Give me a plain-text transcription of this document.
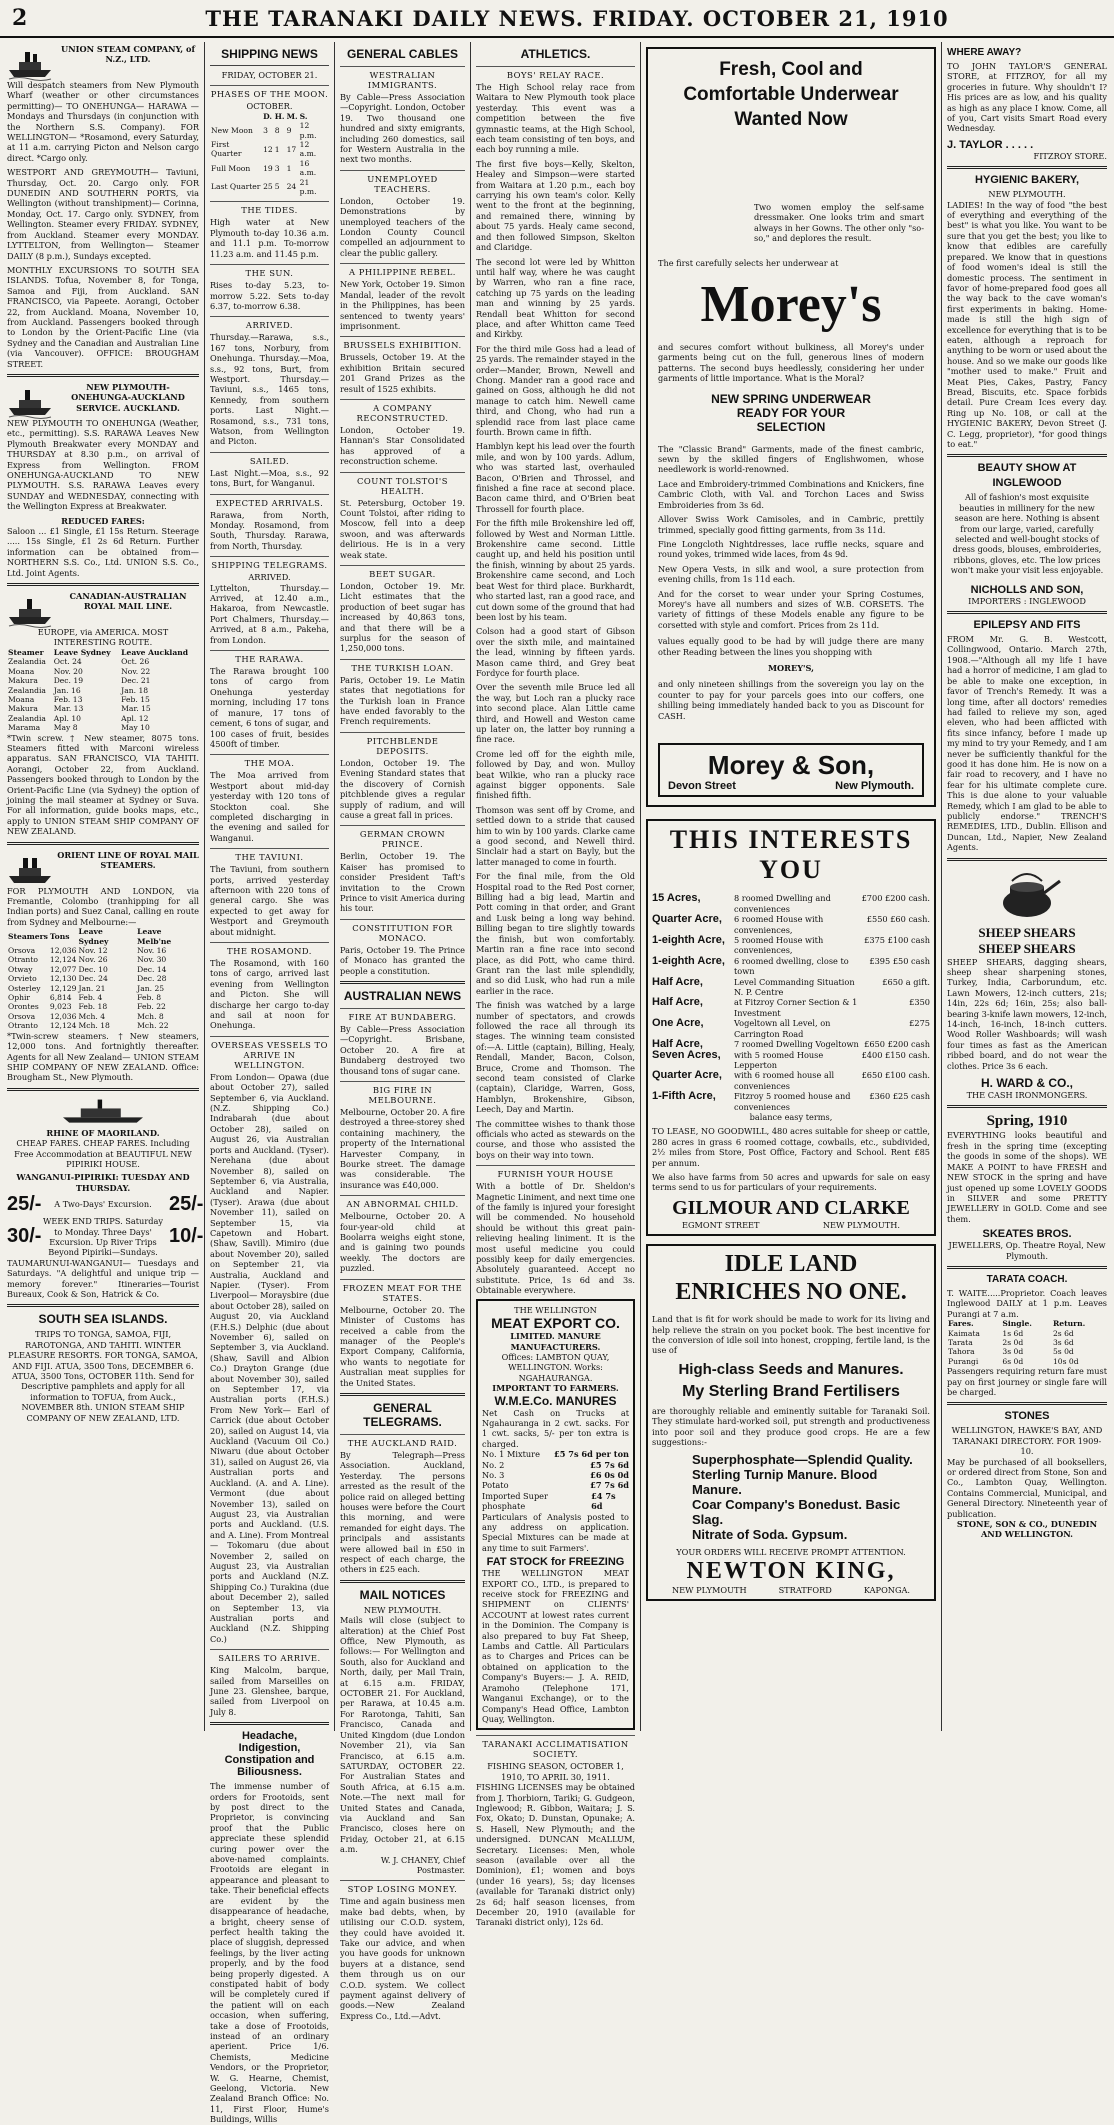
2	THE TARANAKI DAILY NEWS. FRIDAY. OCTOBER 21, 1910
UNION STEAM COMPANY, of N.Z., LTD.
Will despatch steamers from New Plymouth Wharf (weather or other circumstances permitting)— TO ONEHUNGA— HARAWA — Mondays and Thursdays (in conjunction with the Northern S.S. Company). FOR WELLINGTON— *Rosamond, every Saturday, at 11 a.m. carrying Picton and Nelson cargo direct. *Cargo only.
WESTPORT AND GREYMOUTH— Taviuni, Thursday, Oct. 20. Cargo only. FOR DUNEDIN AND SOUTHERN PORTS, via Wellington (without transhipment)— Corinna, Monday, Oct. 17. Cargo only. SYDNEY, from Wellington. Steamer every FRIDAY. SYDNEY, from Auckland. Steamer every MONDAY. LYTTELTON, from Wellington— Steamer DAILY (8 p.m.), Sundays excepted.
MONTHLY EXCURSIONS TO SOUTH SEA ISLANDS. Tofua, November 8, for Tonga, Samoa and Fiji, from Auckland. SAN FRANCISCO, via Papeete. Aorangi, October 22, from Auckland. Moana, November 10, from Auckland. Passengers booked through to London by the Orient-Pacific Line (via Sydney and the Canadian and Australian Line (via Vancouver). OFFICE: BROUGHAM STREET.
NEW PLYMOUTH-ONEHUNGA-AUCKLAND SERVICE. AUCKLAND.
NEW PLYMOUTH TO ONEHUNGA (Weather, etc., permitting). S.S. RARAWA Leaves New Plymouth Breakwater every MONDAY and THURSDAY at 8.30 p.m., on arrival of Express from Wellington. FROM ONEHUNGA-AUCKLAND TO NEW PLYMOUTH. S.S. RARAWA Leaves every SUNDAY and WEDNESDAY, connecting with the Wellington Express at Breakwater.
REDUCED FARES:
Saloon ... £1 Single, £1 15s Return. Steerage ..... 15s Single, £1 2s 6d Return. Further information can be obtained from— NORTHERN S.S. Co., Ltd. UNION S.S. Co., Ltd. Joint Agents.
CANADIAN-AUSTRALIAN ROYAL MAIL LINE.
EUROPE, via AMERICA. MOST INTERESTING ROUTE.
Steamer	Leave Sydney	Leave Auckland
Zealandia	Oct. 24	Oct. 26
Moana	Nov. 20	Nov. 22
Makura	Dec. 19	Dec. 21
Zealandia	Jan. 16	Jan. 18
Moana	Feb. 13	Feb. 15
Makura	Mar. 13	Mar. 15
Zealandia	Apl. 10	Apl. 12
Marama	May 8	May 10
*Twin screw. † New steamer, 8075 tons. Steamers fitted with Marconi wireless apparatus. SAN FRANCISCO, VIA TAHITI. Aorangi, October 22, from Auckland. Passengers booked through to London by the Orient-Pacific Line (via Sydney) the option of joining the mail steamer at Sydney or Suva. For all information, guide books maps, etc., apply to UNION STEAM SHIP COMPANY OF NEW ZEALAND.
ORIENT LINE OF ROYAL MAIL STEAMERS.
FOR PLYMOUTH AND LONDON, via Fremantle, Colombo (tranhipping for all Indian ports) and Suez Canal, calling en route from Sydney and Melbourne:—
Steamers	Tons	Leave Sydney	Leave Melb'ne
Orsova	12,036	Nov. 12	Nov. 16
Otranto	12,124	Nov. 26	Nov. 30
Otway	12,077	Dec. 10	Dec. 14
Orvieto	12,130	Dec. 24	Dec. 28
Osterley	12,129	Jan. 21	Jan. 25
Ophir	6,814	Feb. 4	Feb. 8
Orontes	9,023	Feb. 18	Feb. 22
Orsova	12,036	Mch. 4	Mch. 8
Otranto	12,124	Mch. 18	Mch. 22
*Twin-screw steamers. †New steamers, 12,000 tons. And fortnightly thereafter. Agents for all New Zealand— UNION STEAM SHIP COMPANY OF NEW ZEALAND. Office: Brougham St., New Plymouth.
RHINE OF MAORILAND.
CHEAP FARES. CHEAP FARES. Including Free Accommodation at BEAUTIFUL NEW PIPIRIKI HOUSE.
WANGANUI-PIPIRIKI: TUESDAY AND THURSDAY.
25/-	A Two-Days' Excursion. 25/-
30/-
WEEK END TRIPS. Saturday to Monday. Three Days' Excursion. Up River Trips Beyond Pipiriki—Sundays.
10/-
TAUMARUNUI-WANGANUI— Tuesdays and Saturdays. "A delightful and unique trip — memory forever." Itineraries—Tourist Bureaux, Cook & Son, Hatrick & Co.
SOUTH SEA ISLANDS.
TRIPS TO TONGA, SAMOA, FIJI, RAROTONGA, AND TAHITI. WINTER PLEASURE RESORTS. FOR TONGA, SAMOA, AND FIJI. ATUA, 3500 Tons, DECEMBER 6. ATUA, 3500 Tons, OCTOBER 11th. Send for Descriptive pamphlets and apply for all information to TOFUA, from Auck., NOVEMBER 8th. UNION STEAM SHIP COMPANY OF NEW ZEALAND, LTD.
SHIPPING NEWS
FRIDAY, OCTOBER 21.
PHASES OF THE MOON.
OCTOBER.
	D.	H.	M.	S.
New Moon	3	8	9	12 p.m.
First Quarter	12	1	17	12 a.m.
Full Moon	19	3	1	16 a.m.
Last Quarter	25	5	24	21 p.m.
THE TIDES.
High water at New Plymouth to-day 10.36 a.m. and 11.1 p.m. To-morrow 11.23 a.m. and 11.45 p.m.
THE SUN.
Rises to-day 5.23, to-morrow 5.22. Sets to-day 6.37, to-morrow 6.38.
ARRIVED.
Thursday.—Rarawa, s.s., 167 tons, Norbury, from Onehunga. Thursday.—Moa, s.s., 92 tons, Burt, from Westport. Thursday.—Taviuni, s.s., 1465 tons, Kennedy, from southern ports. Last Night.—Rosamond, s.s., 731 tons, Watson, from Wellington and Picton.
SAILED.
Last Night.—Moa, s.s., 92 tons, Burt, for Wanganui.
EXPECTED ARRIVALS.
Rarawa, from North, Monday. Rosamond, from South, Thursday. Rarawa, from North, Thursday.
SHIPPING TELEGRAMS.
ARRIVED.
Lyttelton, Thursday.—Arrived, at 12.40 a.m., Hakaroa, from Newcastle. Port Chalmers, Thursday.—Arrived, at 8 a.m., Pakeha, from London.
THE RARAWA.
The Rarawa brought 100 tons of cargo from Onehunga yesterday morning, including 17 tons of manure, 17 tons of cement, 6 tons of sugar, and 100 cases of fruit, besides 4500ft of timber.
THE MOA.
The Moa arrived from Westport about mid-day yesterday with 120 tons of Stockton coal. She completed discharging in the evening and sailed for Wanganui.
THE TAVIUNI.
The Taviuni, from southern ports, arrived yesterday afternoon with 220 tons of general cargo. She was expected to get away for Westport and Greymouth about midnight.
THE ROSAMOND.
The Rosamond, with 160 tons of cargo, arrived last evening from Wellington and Picton. She will discharge her cargo to-day and sail at noon for Onehunga.
OVERSEAS VESSELS TO ARRIVE IN WELLINGTON.
From London— Opawa (due about October 27), sailed September 6, via Auckland. (N.Z. Shipping Co.) Indrabarah (due about October 28), sailed on August 26, via Australian ports and Auckland. (Tyser). Nerehana (due about November 8), sailed on September 6, via Australia, Auckland and Napier. (Tyser). Arawa (due about November 11), sailed on September 15, via Capetown and Hobart. (Shaw, Savill). Mimiro (due about November 20), sailed on September 21, via Australia, Auckland and Napier. (Tyser). From Liverpool— Moraysbire (due about October 28), sailed on August 20, via Auckland (F.H.S.) Delphic (due about November 6), sailed on September 3, via Auckland. (Shaw, Savill and Albion Co.) Drayton Grange (due about November 30), sailed on September 17, via Australian ports (F.H.S.) From New York— Earl of Carrick (due about October 20), sailed on August 14, via Auckland (Vacuum Oil Co.) Niwaru (due about October 31), sailed on August 26, via Australian ports and Auckland. (A. and A. Line). Vermont (due about November 13), sailed on August 23, via Australian ports and Auckland. (U.S. and A. Line). From Montreal— Tokomaru (due about November 2, sailed on August 23, via Australian ports and Auckland (N.Z. Shipping Co.) Turakina (due about December 2), sailed on September 13, via Australian ports and Auckland (N.Z. Shipping Co.)
SAILERS TO ARRIVE.
King Malcolm, barque, sailed from Marseilles on June 23. Glenshee, barque, sailed from Liverpool on July 8.
Headache, Indigestion, Constipation and Biliousness.
The immense number of orders for Frootoids, sent by post direct to the Proprietor, is convincing proof that the Public appreciate these splendid curing power over the above-named complaints. Frootoids are elegant in appearance and pleasant to take. Their beneficial effects are evident by the disappearance of headache, a bright, cheery sense of perfect health taking the place of sluggish, depressed feelings, by the liver acting properly, and by the food being properly digested. A constipated habit of body will be completely cured if the patient will on each occasion, when suffering, take a dose of Frootoids, instead of an ordinary aperient. Price 1/6. Chemists, Medicine Vendors, or the Proprietor, W. G. Hearne, Chemist, Geelong, Victoria. New Zealand Branch Office: No. 11, First Floor, Hume's Buildings, Willis
GENERAL CABLES
WESTRALIAN IMMIGRANTS.
By Cable—Press Association—Copyright. London, October 19. Two thousand one hundred and sixty emigrants, including 260 domestics, sail for Western Australia in the next two months.
UNEMPLOYED TEACHERS.
London, October 19. Demonstrations by unemployed teachers of the London County Council compelled an adjournment to clear the public gallery.
A PHILIPPINE REBEL.
New York, October 19. Simon Mandal, leader of the revolt in the Philippines, has been sentenced to twenty years' imprisonment.
BRUSSELS EXHIBITION.
Brussels, October 19. At the exhibition Britain secured 201 Grand Prizes as the result of 1525 exhibits.
A COMPANY RECONSTRUCTED.
London, October 19. Hannan's Star Consolidated has approved of a reconstruction scheme.
COUNT TOLSTOI'S HEALTH.
St. Petersburg, October 19. Count Tolstoi, after riding to Moscow, fell into a deep swoon, and was afterwards delirious. He is in a very weak state.
BEET SUGAR.
London, October 19. Mr. Licht estimates that the production of beet sugar has increased by 40,863 tons, and that there will be a surplus for the season of 1,250,000 tons.
THE TURKISH LOAN.
Paris, October 19. Le Matin states that negotiations for the Turkish loan in France have ended favorably to the French requirements.
PITCHBLENDE DEPOSITS.
London, October 19. The Evening Standard states that the discovery of Cornish pitchblende gives a regular supply of radium, and will cause a great fall in prices.
GERMAN CROWN PRINCE.
Berlin, October 19. The Kaiser has promised to consider President Taft's invitation to the Crown Prince to visit America during his tour.
CONSTITUTION FOR MONACO.
Paris, October 19. The Prince of Monaco has granted the people a constitution.
AUSTRALIAN NEWS
FIRE AT BUNDABERG.
By Cable—Press Association—Copyright. Brisbane, October 20. A fire at Bundaberg destroyed two thousand tons of sugar cane.
BIG FIRE IN MELBOURNE.
Melbourne, October 20. A fire destroyed a three-storey shed containing machinery, the property of the International Harvester Company, in Bourke street. The damage was considerable. The insurance was £40,000.
AN ABNORMAL CHILD.
Melbourne, October 20. A four-year-old child at Boolarra weighs eight stone, and is gaining two pounds weekly. The doctors are puzzled.
FROZEN MEAT FOR THE STATES.
Melbourne, October 20. The Minister of Customs has received a cable from the manager of the People's Export Company, California, who wants to negotiate for Australian meat supplies for the United States.
GENERAL TELEGRAMS.
THE AUCKLAND RAID.
By Telegraph—Press Association. Auckland, Yesterday. The persons arrested as the result of the police raid on alleged betting houses were before the Court this morning, and were remanded for eight days. The principals and assistants were allowed bail in £50 in respect of each charge, the others in £25 each.
MAIL NOTICES
NEW PLYMOUTH.
Mails will close (subject to alteration) at the Chief Post Office, New Plymouth, as follows:— For Wellington and South, also for Auckland and North, daily, per Mail Train, at 6.15 a.m. FRIDAY, OCTOBER 21. For Auckland, per Rarawa, at 10.45 a.m. For Rarotonga, Tahiti, San Francisco, Canada and United Kingdom (due London November 21), via San Francisco, at 6.15 a.m. SATURDAY, OCTOBER 22. For Australian States and South Africa, at 6.15 a.m. Note.—The next mail for United States and Canada, via Auckland and San Francisco, closes here on Friday, October 21, at 6.15 a.m.
W. J. CHANEY, Chief Postmaster.
STOP LOSING MONEY.
Time and again business men make bad debts, when, by utilising our C.O.D. system, they could have avoided it. Take our advice, and when you have goods for unknown buyers at a distance, send them through us on our C.O.D. system. We collect payment against delivery of goods.—New Zealand Express Co., Ltd.—Advt.
ATHLETICS.
BOYS' RELAY RACE.
The High School relay race from Waitara to New Plymouth took place yesterday. This event was a competition between the five gymnastic teams, at the High School, each team consisting of ten boys, and each boy running a mile.
The first five boys—Kelly, Skelton, Healey and Simpson—were started from Waitara at 1.20 p.m., each boy carrying his own team's color. Kelly went to the front at the beginning, and remained there, winning by about 75 yards. Healy came second, and then followed Simpson, Skelton and Claridge.
The second lot were led by Whitton until half way, where he was caught by Warren, who ran a fine race, catching up 75 yards on the leading man and winning by 25 yards. Rendall beat Whitton for second place, and after Whitton came Teed and Kirkby.
For the third mile Goss had a lead of 25 yards. The remainder stayed in the order—Mander, Brown, Newell and Chong. Mander ran a good race and gained on Goss, although he did not manage to catch him. Newell came third, and Chong, who had run a splendid race from last place came fourth. Brown came in fifth.
Hamblyn kept his lead over the fourth mile, and won by 100 yards. Adlum, who was started last, overhauled Bacon, O'Brien and Throssel, and finished a fine race at second place. Bacon came third, and O'Brien beat Throssell for fourth place.
For the fifth mile Brokenshire led off, followed by West and Norman Little. Brokenshire came second. Little caught up, and held his position until the finish, winning by about 25 yards. Brokenshire came second, and Loch beat West for third place. Burkhardt, who started last, ran a good race, and cut down some of the ground that had been lost by his team.
Colson had a good start of Gibson over the sixth mile, and maintained the lead, winning by fifteen yards. Mason came third, and Grey beat Fordyce for fourth place.
Over the seventh mile Bruce led all the way, but Loch ran a plucky race into second place. Alan Little came third, and Howell and Weston came up later on, the latter boy running a fine race.
Crome led off for the eighth mile, followed by Day, and won. Mulloy beat Wilkie, who ran a plucky race against bigger opponents. Sale finished fifth.
Thomson was sent off by Crome, and settled down to a stride that caused him to win by 100 yards. Clarke came a good second, and Newell third. Sinclair had a start on Bayly, but the latter managed to come in fourth.
For the final mile, from the Old Hospital road to the Red Post corner, Billing had a big lead, Martin and Pott coming in that order, and Grant and Lusk being a long way behind. Billing began to tire slightly towards the finish, but won comfortably. Martin ran a fine race into second place, as did Pott, who came third. Grant ran the last mile splendidly, and so did Lusk, who had run a mile earlier in the race.
The finish was watched by a large number of spectators, and crowds followed the race all through its stages. The winning team consisted of:—A. Little (captain), Billing, Healy, Rendall, Mander, Bacon, Colson, Bruce, Crome and Thomson. The second team consisted of Clarke (captain), Claridge, Warren, Goss, Hamblyn, Brokenshire, Gibson, Leech, Day and Martin.
The committee wishes to thank those officials who acted as stewards on the course, and those who assisted the boys on their way into town.
FURNISH YOUR HOUSE
With a bottle of Dr. Sheldon's Magnetic Liniment, and next time one of the family is injured your foresight will be commended. No household should be without this great pain-relieving healing liniment. It is the most useful medicine you could possibly keep for daily emergencies. Absolutely guaranteed. Accept no substitute. Price, 1s 6d and 3s. Obtainable everywhere.
THE WELLINGTON
MEAT EXPORT CO.
LIMITED. MANURE MANUFACTURERS.
Offices: LAMBTON QUAY, WELLINGTON. Works: NGAHAURANGA.
IMPORTANT TO FARMERS.
W.M.E.Co. MANURES
Net Cash on Trucks at Ngahauranga in 2 cwt. sacks. For 1 cwt. sacks, 5/- per ton extra is charged.
No. 1 Mixture £5 7s 6d per ton
No. 2	£5 7s 6d
No. 3	£6 0s 0d
Potato	£7 7s 6d
Imported Super phosphate
£4 7s 6d
Particulars of Analysis posted to any address on application. Special Mixtures can be made at any time to suit Farmers'.
FAT STOCK for FREEZING
THE WELLINGTON MEAT EXPORT CO., LTD., is prepared to receive stock for FREEZING and SHIPMENT on CLIENTS' ACCOUNT at lowest rates current in the Dominion. The Company is also prepared to buy Fat Sheep, Lambs and Cattle. All Particulars as to Charges and Prices can be obtained on application to the Company's Buyers:— J. A. REID, Aramoho (Telephone 171, Wanganui Exchange), or to the Company's Head Office, Lambton Quay, Wellington.
TARANAKI ACCLIMATISATION SOCIETY.
FISHING SEASON, OCTOBER 1, 1910, TO APRIL 30, 1911.
FISHING LICENSES may be obtained from J. Thorbiorn, Tariki; G. Gudgeon, Inglewood; R. Gibbon, Waitara; J. S. Fox, Okato; D. Dunstan, Opunake; A. S. Hasell, New Plymouth; and the undersigned. DUNCAN McALLUM, Secretary. Licenses: Men, whole season (available over all the Dominion), £1; women and boys (under 16 years), 5s; day licenses (available for Taranaki district only) 2s 6d; half season licenses, from December 20, 1910 (available for Taranaki district only), 12s 6d.
Fresh, Cool and
Comfortable Underwear
Wanted Now
Two women employ the self-same dressmaker. One looks trim and smart always in her Gowns. The other only "so-so," and deplores the result.
The first carefully selects her underwear at
Morey's
and secures comfort without bulkiness, all Morey's under garments being cut on the full, generous lines of modern patterns. The second buys heedlessly, considering her under garments of little importance. What is the Moral?
NEW SPRING UNDERWEAR
READY FOR YOUR
SELECTION
The "Classic Brand" Garments, made of the finest cambric, sewn by the skilled fingers of Englishwomen, whose needlework is world-renowned.
Lace and Embroidery-trimmed Combinations and Knickers, fine Cambric Cloth, with Val. and Torchon Laces and Swiss Embroideries from 3s 6d.
Allover Swiss Work Camisoles, and in Cambric, prettily trimmed, specially good fitting garments, from 3s 11d.
Fine Longcloth Nightdresses, lace ruffle necks, square and round yokes, trimmed wide laces, from 4s 9d.
New Opera Vests, in silk and wool, a sure protection from evening chills, from 1s 11d each.
And for the corset to wear under your Spring Costumes, Morey's have all numbers and sizes of W.B. CORSETS. The variety of fittings of these Models enable any figure to be corsetted with style and comfort. Prices from 2s 11d.
values equally good to be had by will judge there are many other Reading between the lines you shopping with
MOREY'S,
and only nineteen shillings from the sovereign you lay on the counter to pay for your parcels goes into our coffers, one shilling being immediately handed back to you as Discount for CASH.
Morey & Son,
Devon Street	New Plymouth.
THIS INTERESTS YOU
15 Acres,	8 roomed Dwelling and conveniences
£700 £200 cash.
Quarter Acre,	6 roomed House with conveniences,
£550 £60 cash.
1-eighth Acre,	5 roomed House with conveniences,
£375 £100 cash
1-eighth Acre,	6 roomed dwelling, close to town
£395 £50 cash
Half Acre,	Level Commanding Situation N. P. Centre
£650 a gift.
Half Acre,	at Fitzroy Corner Section & 1 Investment
£350
One Acre,	Vogeltown all Level, on Carrington Road
£275
Half Acre,	7 roomed Dwelling Vogeltown £650 £200 cash
Seven Acres,	with 5 roomed House Lepperton
£400 £150 cash.
Quarter Acre,	with 6 roomed house all conveniences
£650 £100 cash.
1-Fifth Acre,	Fitzroy 5 roomed house and conveniences
£360 £25 cash
balance easy terms,
TO LEASE, NO GOODWILL, 480 acres suitable for sheep or cattle, 280 acres in grass 6 roomed cottage, cowbails, etc., subdivided, 2½ miles from Store, Post Office, Factory and School. Rent £85 per annum.
We also have farms from 50 acres and upwards for sale on easy terms send to us for particulars of your requirements.
GILMOUR AND CLARKE
EGMONT STREET	NEW PLYMOUTH.
IDLE LAND
ENRICHES NO ONE.
Land that is fit for work should be made to work for its living and help relieve the strain on you pocket book. The best incentive for the conversion of idle soil into honest, cropping, fertile land, is the use of
High-class Seeds and Manures.
My Sterling Brand Fertilisers
are thoroughly reliable and eminently suitable for Taranaki Soil. They stimulate hard-worked soil, put strength and productiveness into poor soil and they produce good crops. He are a few suggestions:-
Superphosphate—Splendid Quality.
Sterling Turnip Manure. Blood Manure.
Coar Company's Bonedust. Basic Slag.
Nitrate of Soda. Gypsum.
YOUR ORDERS WILL RECEIVE PROMPT ATTENTION.
NEWTON KING,
NEW PLYMOUTH	STRATFORD	KAPONGA.
WHERE AWAY?
TO JOHN TAYLOR'S GENERAL STORE, at FITZROY, for all my groceries in future. Why shouldn't I? His prices are as low, and his quality as high as any place I know. Come, all of you, Cart visits Smart Road every Wednesday.
J. TAYLOR . . . . .
FITZROY STORE.
HYGIENIC BAKERY,
NEW PLYMOUTH.
LADIES! In the way of food "the best of everything and everything of the best" is what you like. You want to be sure that you get the best; you like to know that edibles are carefully prepared. We know that in questions of food women's ideal is still the domestic process. The sentiment in favor of home-prepared food goes all the way back to the cave woman's first experiments in baking. Home-made is still the high sign of excellence for everything that is to be eaten, although a reproach for anything to be worn or used about the house. And so we make our goods like "mother used to make." Fruit and Meat Pies, Cakes, Pastry, Fancy Bread, Biscuits, etc. Space forbids detail. Pure Cream Ices every day. Ring up No. 108, or call at the HYGIENIC BAKERY, Devon Street (J. C. Legg, proprietor), "for good things to eat."
BEAUTY SHOW AT
INGLEWOOD
All of fashion's most exquisite beauties in millinery for the new season are here. Nothing is absent from our large, varied, carefully selected and well-bought stocks of dress goods, blouses, embroideries, ribbons, gloves, etc. The low prices won't make your visit less enjoyable.
NICHOLLS AND SON,
IMPORTERS : INGLEWOOD
EPILEPSY AND FITS
FROM Mr. G. B. Westcott, Collingwood, Ontario. March 27th, 1908.—"Although all my life I have had a horror of medicine, I am glad to be able to make one exception, in favor of Trench's Remedy. It was a long time, after all doctors' remedies had failed to relieve my son, aged eleven, who had been afflicted with fits since infancy, before I made up my mind to try your Remedy, and I am never be sufficiently thankful for the good it has done him. He is now on a fair road to recovery, and I have no fear for his ultimate complete cure. This is due alone to your valuable Remedy, which I am glad to be able to publicly endorse." TRENCH'S REMEDIES, LTD., Dublin. Ellison and Duncan, Ltd., Napier, New Zealand Agents.
SHEEP SHEARS
SHEEP SHEARS
SHEEP SHEARS, dagging shears, sheep shear sharpening stones, Turkey, India, Carborundum, etc. Lawn Mowers, 12-inch cutters, 21s; 14in, 22s 6d; 16in, 25s; also ball-bearing 3-knife lawn mowers, 12-inch, 14-inch, 16-inch, 18-inch cutters. Wood Roller Washboards; will wash four times as fast as the American ribbed board, and do not wear the clothes. Price 3s 6 each.
H. WARD & CO.,
THE CASH IRONMONGERS.
Spring, 1910
EVERYTHING looks beautiful and fresh in the spring time (excepting the goods in some of the shops). WE MAKE A POINT to have FRESH and NEW STOCK in the spring and have just opened up some LOVELY GOODS in SILVER and some PRETTY JEWELLERY in GOLD. Come and see them.
SKEATES BROS.
JEWELLERS, Op. Theatre Royal, New Plymouth.
TARATA COACH.
T. WAITE.....Proprietor. Coach leaves Inglewood DAILY at 1 p.m. Leaves Purangi at 7 a.m.
Fares.	Single.	Return.
Kaimata	1s 6d	2s 6d
Tarata	2s 0d	3s 6d
Tahora	3s 0d	5s 0d
Purangi	6s 0d	10s 0d
Passengers requiring return fare must pay on first journey or single fare will be charged.
STONES
WELLINGTON, HAWKE'S BAY, AND TARANAKI DIRECTORY. FOR 1909-10.
May be purchased of all booksellers, or ordered direct from Stone, Son and Co., Lambton Quay, Wellington. Contains Commercial, Municipal, and General Directory. Nineteenth year of publication.
STONE, SON & CO., DUNEDIN AND WELLINGTON.
